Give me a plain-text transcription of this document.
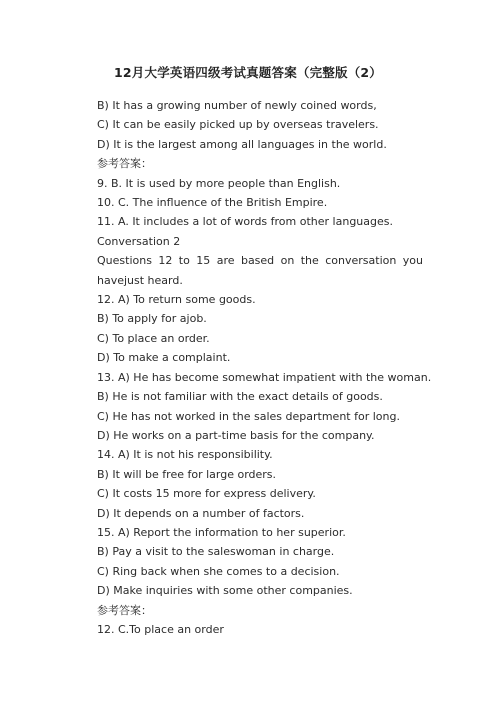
12月大学英语四级考试真题答案（完整版（2）
B) It has a growing number of newly coined words,
C) It can be easily picked up by overseas travelers.
D) It is the largest among all languages in the world.
参考答案：
9. B. It is used by more people than English.
10. C. The influence of the British Empire.
11. A. It includes a lot of words from other languages.
Conversation 2
Questions 12 to 15 are based on the conversation you havejust heard.
12. A) To return some goods.
B) To apply for ajob.
C) To place an order.
D) To make a complaint.
13. A) He has become somewhat impatient with the woman.
B) He is not familiar with the exact details of goods.
C) He has not worked in the sales department for long.
D) He works on a part-time basis for the company.
14. A) It is not his responsibility.
B) It will be free for large orders.
C) It costs 15 more for express delivery.
D) It depends on a number of factors.
15. A) Report the information to her superior.
B) Pay a visit to the saleswoman in charge.
C) Ring back when she comes to a decision.
D) Make inquiries with some other companies.
参考答案：
12. C.To place an order
